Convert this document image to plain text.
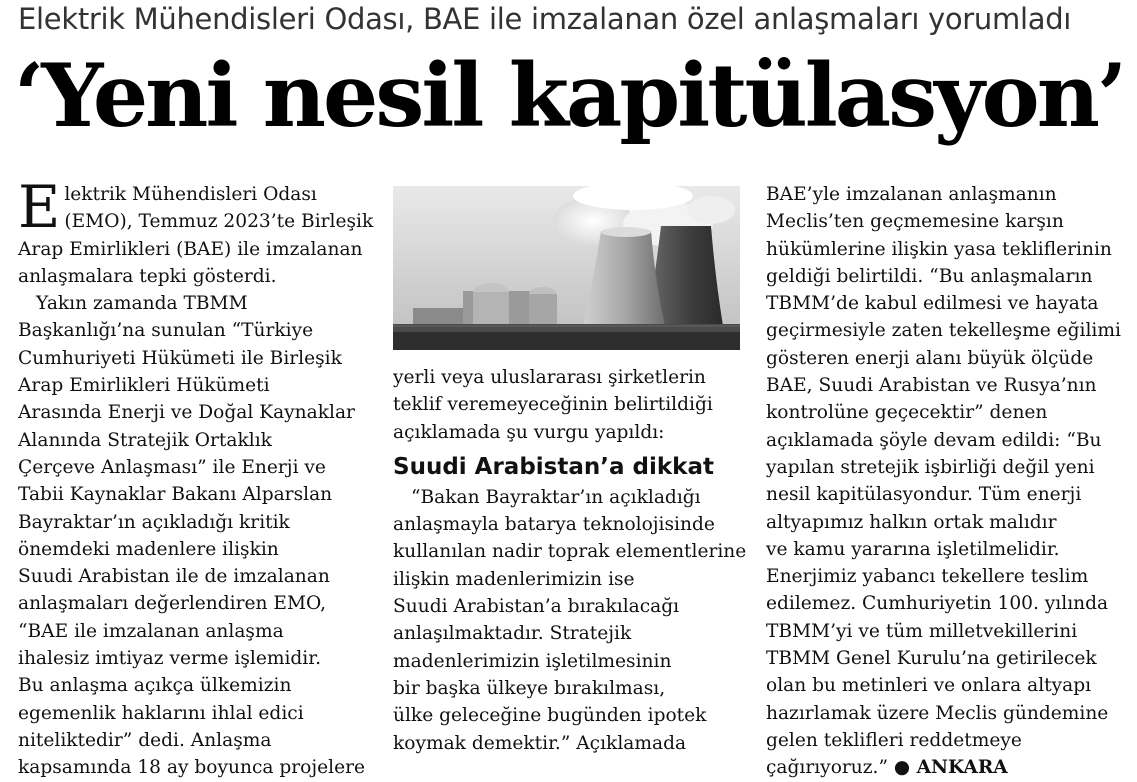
Elektrik Mühendisleri Odası, BAE ile imzalanan özel anlaşmaları yorumladı
‘Yeni nesil kapitülasyon’
E lektrik Mühendisleri Odası
(EMO), Temmuz 2023’te Birleşik
Arap Emirlikleri (BAE) ile imzalanan
anlaşmalara tepki gösterdi.
Yakın zamanda TBMM
Başkanlığı’na sunulan “Türkiye
Cumhuriyeti Hükümeti ile Birleşik
Arap Emirlikleri Hükümeti
Arasında Enerji ve Doğal Kaynaklar
Alanında Stratejik Ortaklık
Çerçeve Anlaşması” ile Enerji ve
Tabii Kaynaklar Bakanı Alparslan
Bayraktar’ın açıkladığı kritik
önemdeki madenlere ilişkin
Suudi Arabistan ile de imzalanan
anlaşmaları değerlendiren EMO,
“BAE ile imzalanan anlaşma
ihalesiz imtiyaz verme işlemidir.
Bu anlaşma açıkça ülkemizin
egemenlik haklarını ihlal edici
niteliktedir” dedi. Anlaşma
kapsamında 18 ay boyunca projelere
yerli veya uluslararası şirketlerin
teklif veremeyeceğinin belirtildiği
açıklamada şu vurgu yapıldı:
Suudi Arabistan’a dikkat
“Bakan Bayraktar’ın açıkladığı
anlaşmayla batarya teknolojisinde
kullanılan nadir toprak elementlerine
ilişkin madenlerimizin ise
Suudi Arabistan’a bırakılacağı
anlaşılmaktadır. Stratejik
madenlerimizin işletilmesinin
bir başka ülkeye bırakılması,
ülke geleceğine bugünden ipotek
koymak demektir.” Açıklamada
BAE’yle imzalanan anlaşmanın
Meclis’ten geçmemesine karşın
hükümlerine ilişkin yasa tekliflerinin
geldiği belirtildi. “Bu anlaşmaların
TBMM’de kabul edilmesi ve hayata
geçirmesiyle zaten tekelleşme eğilimi
gösteren enerji alanı büyük ölçüde
BAE, Suudi Arabistan ve Rusya’nın
kontrolüne geçecektir” denen
açıklamada şöyle devam edildi: “Bu
yapılan stretejik işbirliği değil yeni
nesil kapitülasyondur. Tüm enerji
altyapımız halkın ortak malıdır
ve kamu yararına işletilmelidir.
Enerjimiz yabancı tekellere teslim
edilemez. Cumhuriyetin 100. yılında
TBMM’yi ve tüm milletvekillerini
TBMM Genel Kurulu’na getirilecek
olan bu metinleri ve onlara altyapı
hazırlamak üzere Meclis gündemine
gelen teklifleri reddetmeye
çağırıyoruz.” ● ANKARA
